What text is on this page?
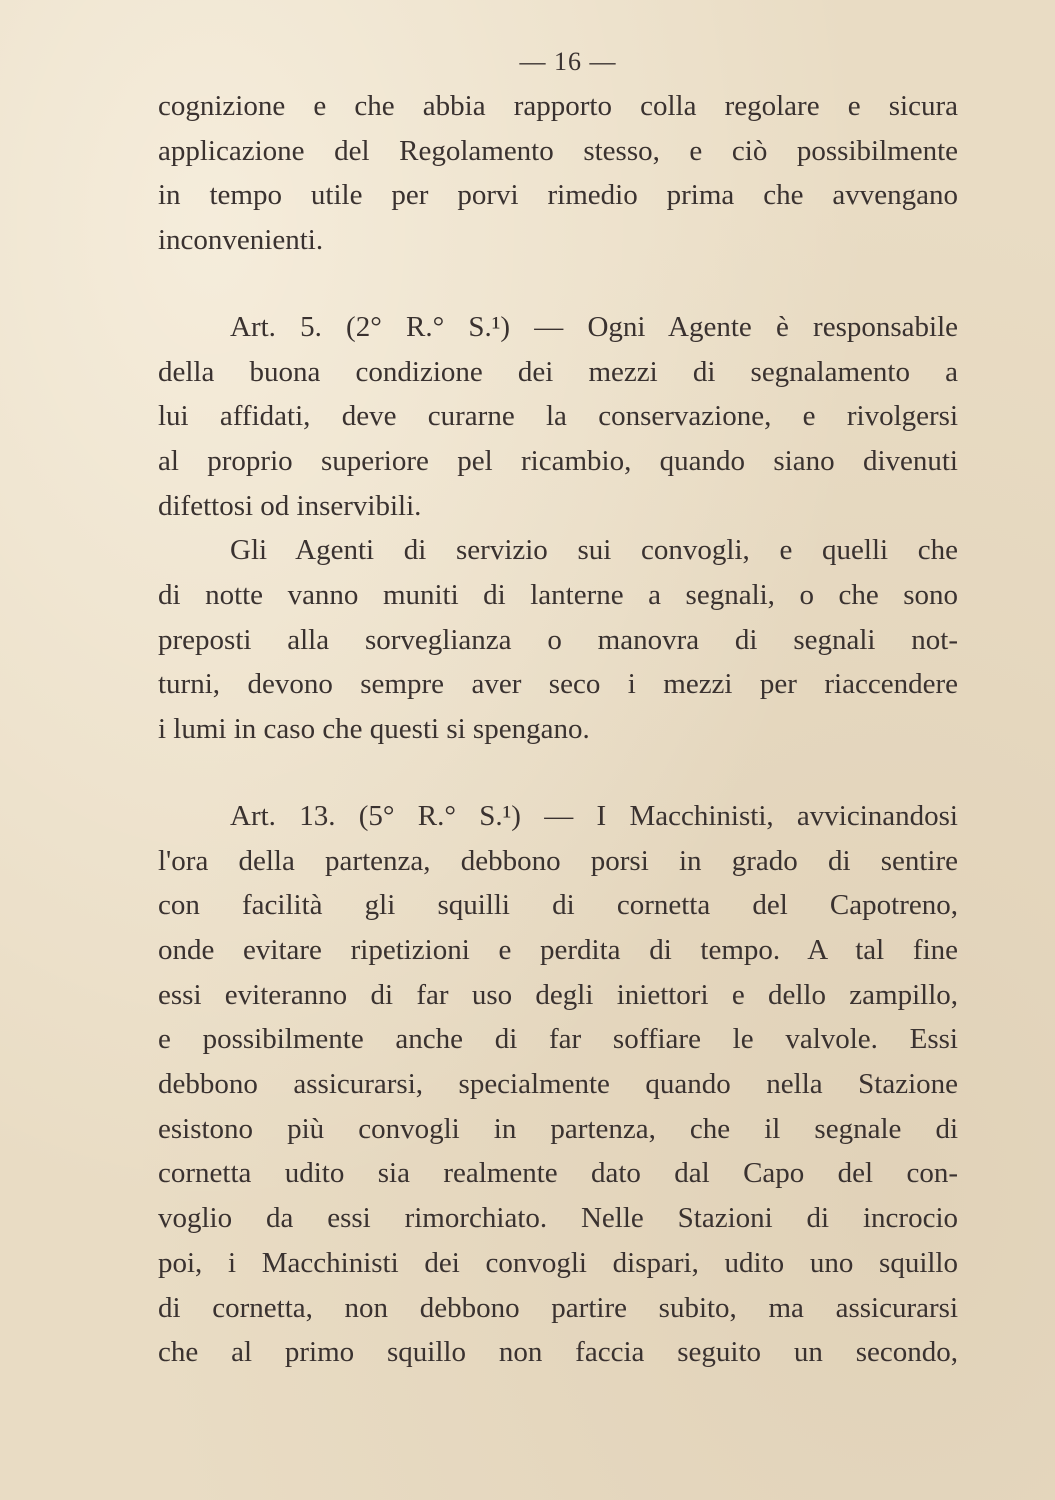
— 16 —
cognizione e che abbia rapporto colla regolare e sicura
applicazione del Regolamento stesso, e ciò possibilmente
in tempo utile per porvi rimedio prima che avvengano
inconvenienti.
Art. 5. (2° R.° S.¹) — Ogni Agente è responsabile
della buona condizione dei mezzi di segnalamento a
lui affidati, deve curarne la conservazione, e rivolgersi
al proprio superiore pel ricambio, quando siano divenuti
difettosi od inservibili.
Gli Agenti di servizio sui convogli, e quelli che
di notte vanno muniti di lanterne a segnali, o che sono
preposti alla sorveglianza o manovra di segnali not-
turni, devono sempre aver seco i mezzi per riaccendere
i lumi in caso che questi si spengano.
Art. 13. (5° R.° S.¹) — I Macchinisti, avvicinandosi
l'ora della partenza, debbono porsi in grado di sentire
con facilità gli squilli di cornetta del Capotreno,
onde evitare ripetizioni e perdita di tempo. A tal fine
essi eviteranno di far uso degli iniettori e dello zampillo,
e possibilmente anche di far soffiare le valvole. Essi
debbono assicurarsi, specialmente quando nella Stazione
esistono più convogli in partenza, che il segnale di
cornetta udito sia realmente dato dal Capo del con-
voglio da essi rimorchiato. Nelle Stazioni di incrocio
poi, i Macchinisti dei convogli dispari, udito uno squillo
di cornetta, non debbono partire subito, ma assicurarsi
che al primo squillo non faccia seguito un secondo,
